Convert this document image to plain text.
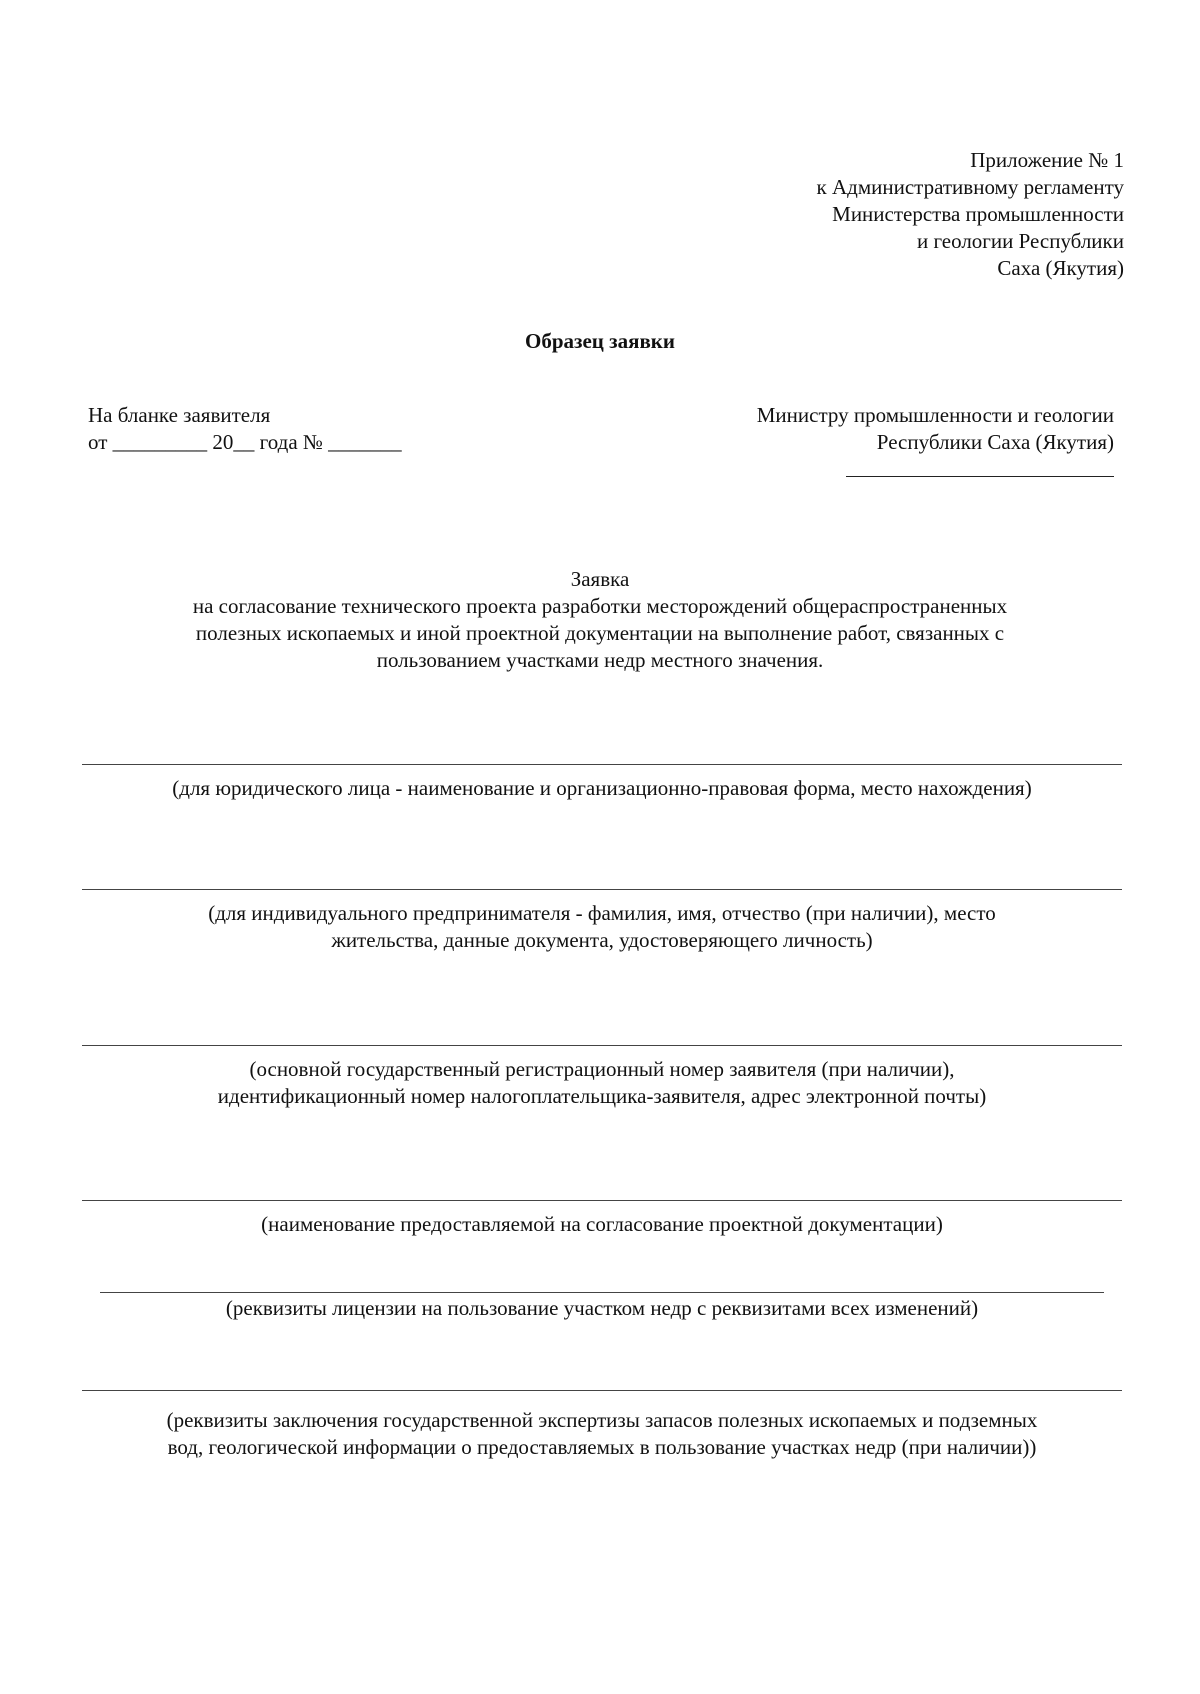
Приложение № 1
к Административному регламенту
Министерства промышленности
и геологии Республики
Саха (Якутия)
Образец заявки
На бланке заявителя
от _________ 20__ года № _______
Министру промышленности и геологии
Республики Саха (Якутия)
Заявка
на согласование технического проекта разработки месторождений общераспространенных
полезных ископаемых и иной проектной документации на выполнение работ, связанных с
пользованием участками недр местного значения.
(для юридического лица - наименование и организационно-правовая форма, место нахождения)
(для индивидуального предпринимателя - фамилия, имя, отчество (при наличии), место
жительства, данные документа, удостоверяющего личность)
(основной государственный регистрационный номер заявителя (при наличии),
идентификационный номер налогоплательщика-заявителя, адрес электронной почты)
(наименование предоставляемой на согласование проектной документации)
(реквизиты лицензии на пользование участком недр с реквизитами всех изменений)
(реквизиты заключения государственной экспертизы запасов полезных ископаемых и подземных
вод, геологической информации о предоставляемых в пользование участках недр (при наличии))
